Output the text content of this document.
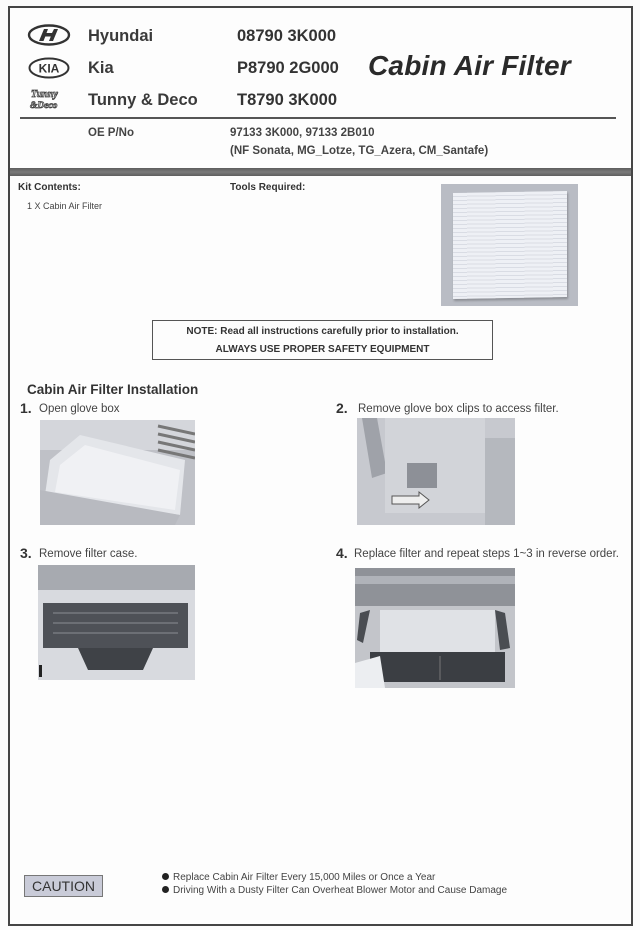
Hyundai	08790 3K000
KIA Kia	P8790 2G000
Tunny
&Deco Tunny & Deco T8790 3K000
Cabin Air Filter
OE P/No	97133 3K000, 97133 2B010
(NF Sonata, MG_Lotze, TG_Azera, CM_Santafe)
Kit Contents:
1 X Cabin Air Filter
Tools Required:
NOTE: Read all instructions carefully prior to installation.
ALWAYS USE PROPER SAFETY EQUIPMENT
Cabin Air Filter Installation
1. Open glove box	2. Remove glove box clips to access filter.
3. Remove filter case.	4. Replace filter and repeat steps 1~3 in reverse order.
CAUTION
Replace Cabin Air Filter Every 15,000 Miles or Once a Year
Driving With a Dusty Filter Can Overheat Blower Motor and Cause Damage
